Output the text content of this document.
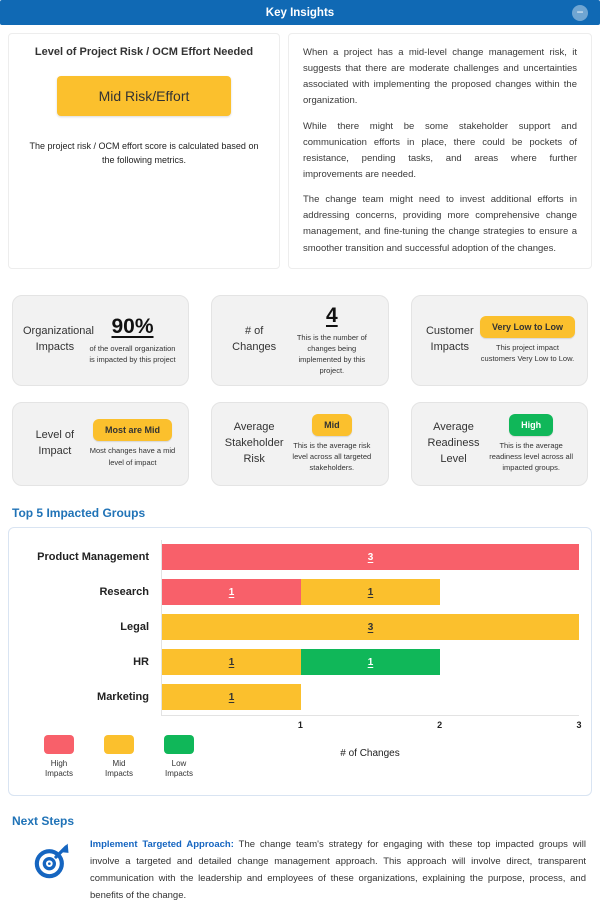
Key Insights	−
Level of Project Risk / OCM Effort Needed
Mid Risk/Effort
The project risk / OCM effort score is calculated based on the following metrics.

When a project has a mid-level change management risk, it suggests that there are moderate challenges and uncertainties associated with implementing the proposed changes within the organization.

While there might be some stakeholder support and communication efforts in place, there could be pockets of resistance, pending tasks, and areas where further improvements are needed.

The change team might need to invest additional efforts in addressing concerns, providing more comprehensive change management, and fine-tuning the change strategies to ensure a smoother transition and successful adoption of the changes.

Organizational Impacts
90%
of the overall organization is impacted by this project
# of Changes
4
This is the number of changes being implemented by this project.
Customer Impacts
Very Low to Low
This project impact customers Very Low to Low.
Level of Impact
Most are Mid
Most changes have a mid level of impact
Average Stakeholder Risk
Mid
This is the average risk level across all targeted stakeholders.
Average Readiness Level
High
This is the average readiness level across all impacted groups.
Top 5 Impacted Groups
Product Management	3
Research	1	1
Legal	3
HR	1	1
Marketing	1
1	2	3
High Impacts
Mid Impacts
Low Impacts
# of Changes
Next Steps
Implement Targeted Approach: The change team's strategy for engaging with these top impacted groups will involve a targeted and detailed change management approach. This approach will involve direct, transparent communication with the leadership and employees of these organizations, explaining the purpose, process, and benefits of the change.
